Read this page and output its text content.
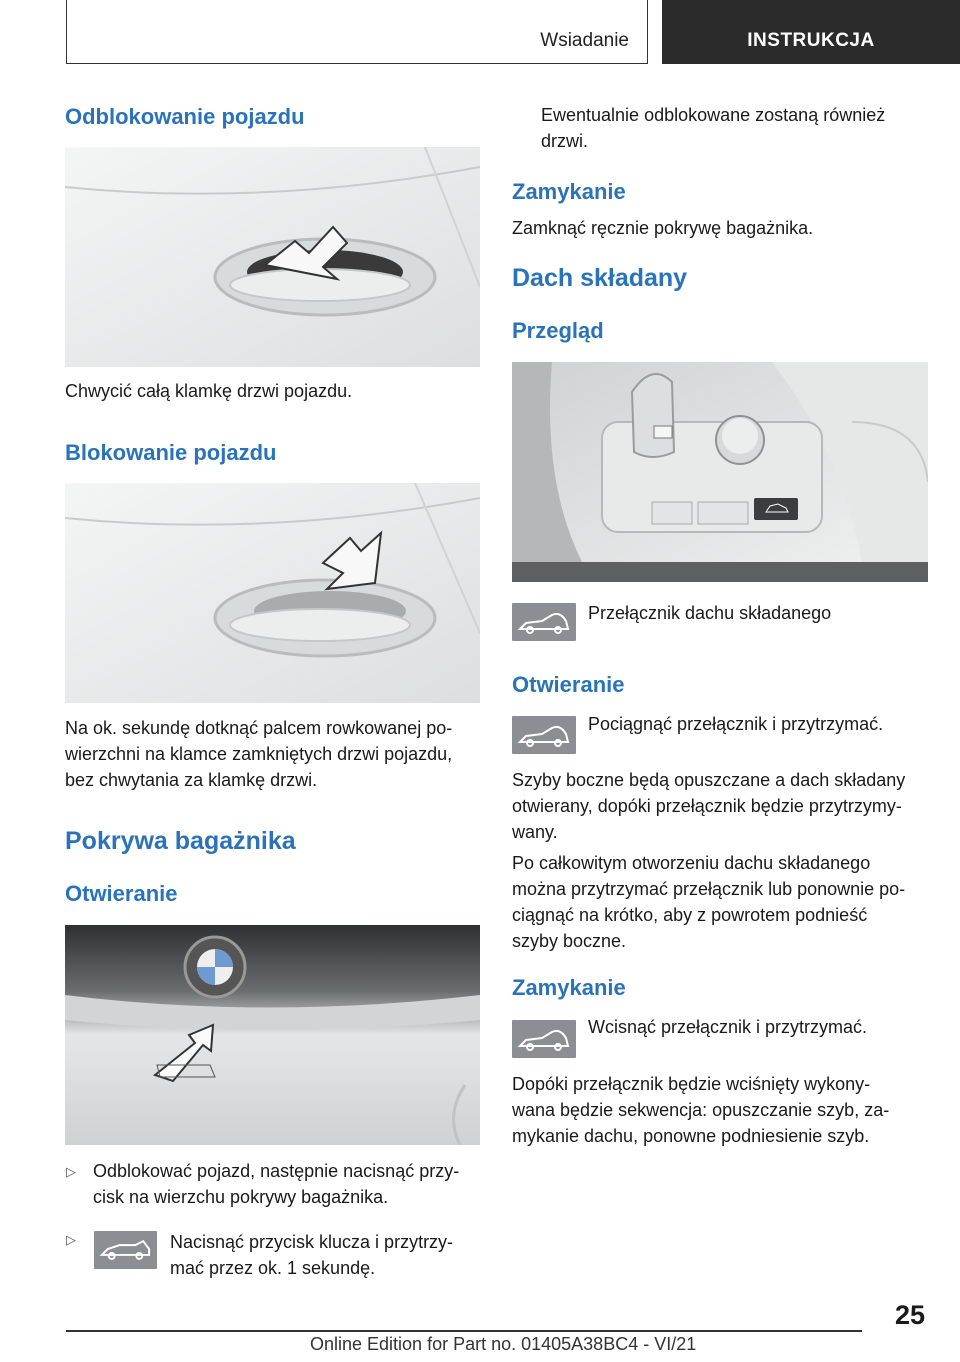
Wsiadanie	INSTRUKCJA
Odblokowanie pojazdu

Chwycić całą klamkę drzwi pojazdu.

Blokowanie pojazdu

Na ok. sekundę dotknąć palcem rowkowanej po-

wierzchni na klamce zamkniętych drzwi pojazdu,

bez chwytania za klamkę drzwi.

Pokrywa bagażnika
Otwieranie
▷ Odblokować pojazd, następnie nacisnąć przy-

cisk na wierzchu pokrywy bagażnika.

▷	Nacisnąć przycisk klucza i przytrzy-

mać przez ok. 1 sekundę.

Ewentualnie odblokowane zostaną również

drzwi.

Zamykanie

Zamknąć ręcznie pokrywę bagażnika.

Dach składany
Przegląd

Przełącznik dachu składanego

Otwieranie

Pociągnąć przełącznik i przytrzymać.

Szyby boczne będą opuszczane a dach składany

otwierany, dopóki przełącznik będzie przytrzymy-

wany.

Po całkowitym otworzeniu dachu składanego

można przytrzymać przełącznik lub ponownie po-

ciągnąć na krótko, aby z powrotem podnieść

szyby boczne.

Zamykanie

Wcisnąć przełącznik i przytrzymać.

Dopóki przełącznik będzie wciśnięty wykony-

wana będzie sekwencja: opuszczanie szyb, za-

mykanie dachu, ponowne podniesienie szyb.

25
Online Edition for Part no. 01405A38BC4 - VI/21
